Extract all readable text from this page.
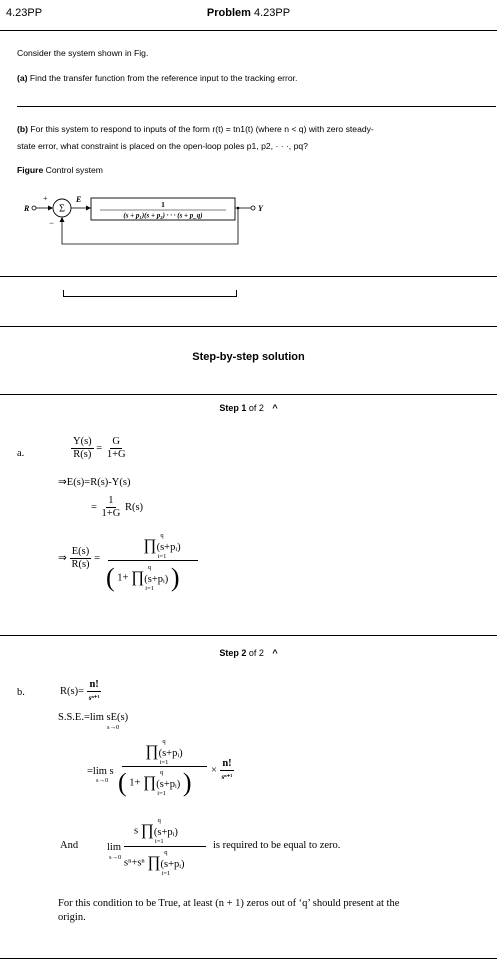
4.23PP	Problem 4.23PP
Consider the system shown in Fig.
(a) Find the transfer function from the reference input to the tracking error.
(b) For this system to respond to inputs of the form r(t) = tn1(t) (where n < q) with zero steady-
state error, what constraint is placed on the open-loop poles p1, p2, · · ·, pq?
Figure Control system
R
+
Σ
−
E
1
(s + p₁)(s + p₂) · · · (s + p_q)
Y
Step-by-step solution
Step 1 of 2 ^
a.	$\frac{Y(s)}{R(s)} = \frac{G}{1+G}$
⇒E(s)=R(s)-Y(s)
= $\frac{1}{1+G} R(s)$
⇒ $\frac{E(s)}{R(s)}$ =
q
∏(s+pᵢ)
i=1
( 1+
q
∏(s+pᵢ)
i=1 )
Step 2 of 2 ^
b.	$R(s)= \frac{n!}{\text{sⁿ⁺¹}}$
S.S.E.=lim sE(s)
s→0
=lim s
s→0
q
∏(s+pᵢ)
i=1
( 1+
q
∏(s+pᵢ)
i=1 ) × $\frac{n!}{\text{sⁿ⁺¹}}$
And	lim
s→0
s
q
∏(s+pᵢ)
i=1
sⁿ+sⁿ
q
∏(s+pᵢ)
i=1
is required to be equal to zero.
For this condition to be True, at least (n + 1) zeros out of ‘q’ should present at the
origin.
